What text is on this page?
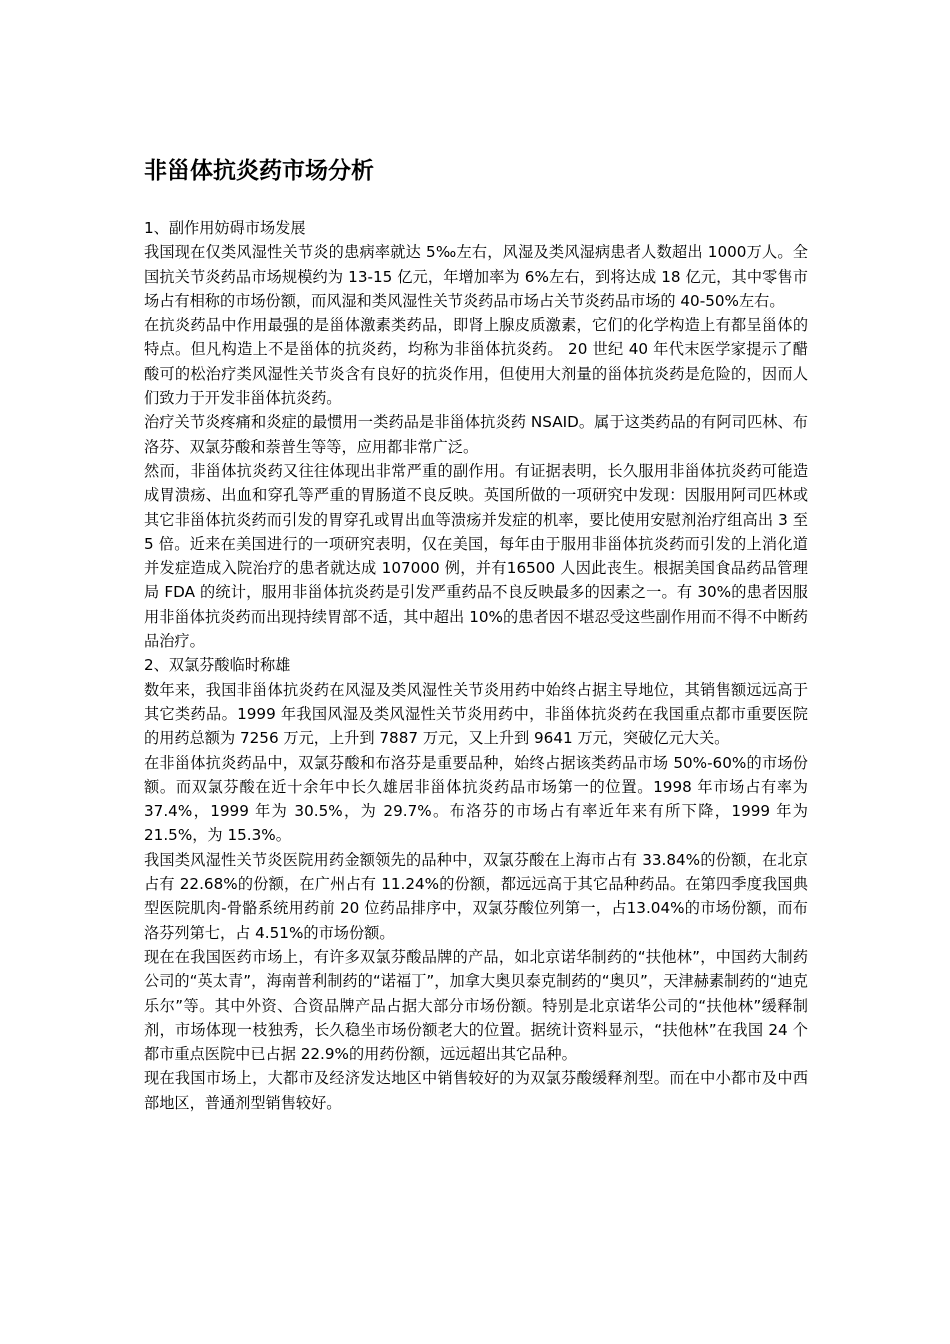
非甾体抗炎药市场分析

1、副作用妨碍市场发展

我国现在仅类风湿性关节炎的患病率就达 5‰左右，风湿及类风湿病患者人数超出 1000万人。全国抗关节炎药品市场规模约为 13-15 亿元，年增加率为 6%左右，到将达成 18 亿元，其中零售市场占有相称的市场份额，而风湿和类风湿性关节炎药品市场占关节炎药品市场的 40-50%左右。

在抗炎药品中作用最强的是甾体激素类药品，即肾上腺皮质激素，它们的化学构造上有都呈甾体的特点。但凡构造上不是甾体的抗炎药，均称为非甾体抗炎药。 20 世纪 40 年代末医学家提示了醋酸可的松治疗类风湿性关节炎含有良好的抗炎作用，但使用大剂量的甾体抗炎药是危险的，因而人们致力于开发非甾体抗炎药。

治疗关节炎疼痛和炎症的最惯用一类药品是非甾体抗炎药 NSAID。属于这类药品的有阿司匹林、布洛芬、双氯芬酸和萘普生等等，应用都非常广泛。

然而，非甾体抗炎药又往往体现出非常严重的副作用。有证据表明，长久服用非甾体抗炎药可能造成胃溃疡、出血和穿孔等严重的胃肠道不良反映。英国所做的一项研究中发现：因服用阿司匹林或其它非甾体抗炎药而引发的胃穿孔或胃出血等溃疡并发症的机率，要比使用安慰剂治疗组高出 3 至 5 倍。近来在美国进行的一项研究表明，仅在美国，每年由于服用非甾体抗炎药而引发的上消化道并发症造成入院治疗的患者就达成 107000 例，并有16500 人因此丧生。根据美国食品药品管理局 FDA 的统计，服用非甾体抗炎药是引发严重药品不良反映最多的因素之一。有 30%的患者因服用非甾体抗炎药而出现持续胃部不适，其中超出 10%的患者因不堪忍受这些副作用而不得不中断药品治疗。

2、双氯芬酸临时称雄

数年来，我国非甾体抗炎药在风湿及类风湿性关节炎用药中始终占据主导地位，其销售额远远高于其它类药品。1999 年我国风湿及类风湿性关节炎用药中，非甾体抗炎药在我国重点都市重要医院的用药总额为 7256 万元，上升到 7887 万元，又上升到 9641 万元，突破亿元大关。

在非甾体抗炎药品中，双氯芬酸和布洛芬是重要品种，始终占据该类药品市场 50%-60%的市场份额。而双氯芬酸在近十余年中长久雄居非甾体抗炎药品市场第一的位置。1998 年市场占有率为 37.4%，1999 年为 30.5%，为 29.7%。布洛芬的市场占有率近年来有所下降，1999 年为 21.5%，为 15.3%。

我国类风湿性关节炎医院用药金额领先的品种中，双氯芬酸在上海市占有 33.84%的份额，在北京占有 22.68%的份额，在广州占有 11.24%的份额，都远远高于其它品种药品。在第四季度我国典型医院肌肉-骨骼系统用药前 20 位药品排序中，双氯芬酸位列第一，占13.04%的市场份额，而布洛芬列第七，占 4.51%的市场份额。

现在在我国医药市场上，有许多双氯芬酸品牌的产品，如北京诺华制药的“扶他林”，中国药大制药公司的“英太青”，海南普利制药的“诺福丁”，加拿大奥贝泰克制药的“奥贝”，天津赫素制药的“迪克乐尔”等。其中外资、合资品牌产品占据大部分市场份额。特别是北京诺华公司的“扶他林”缓释制剂，市场体现一枝独秀，长久稳坐市场份额老大的位置。据统计资料显示，“扶他林”在我国 24 个都市重点医院中已占据 22.9%的用药份额，远远超出其它品种。

现在我国市场上，大都市及经济发达地区中销售较好的为双氯芬酸缓释剂型。而在中小都市及中西部地区，普通剂型销售较好。
